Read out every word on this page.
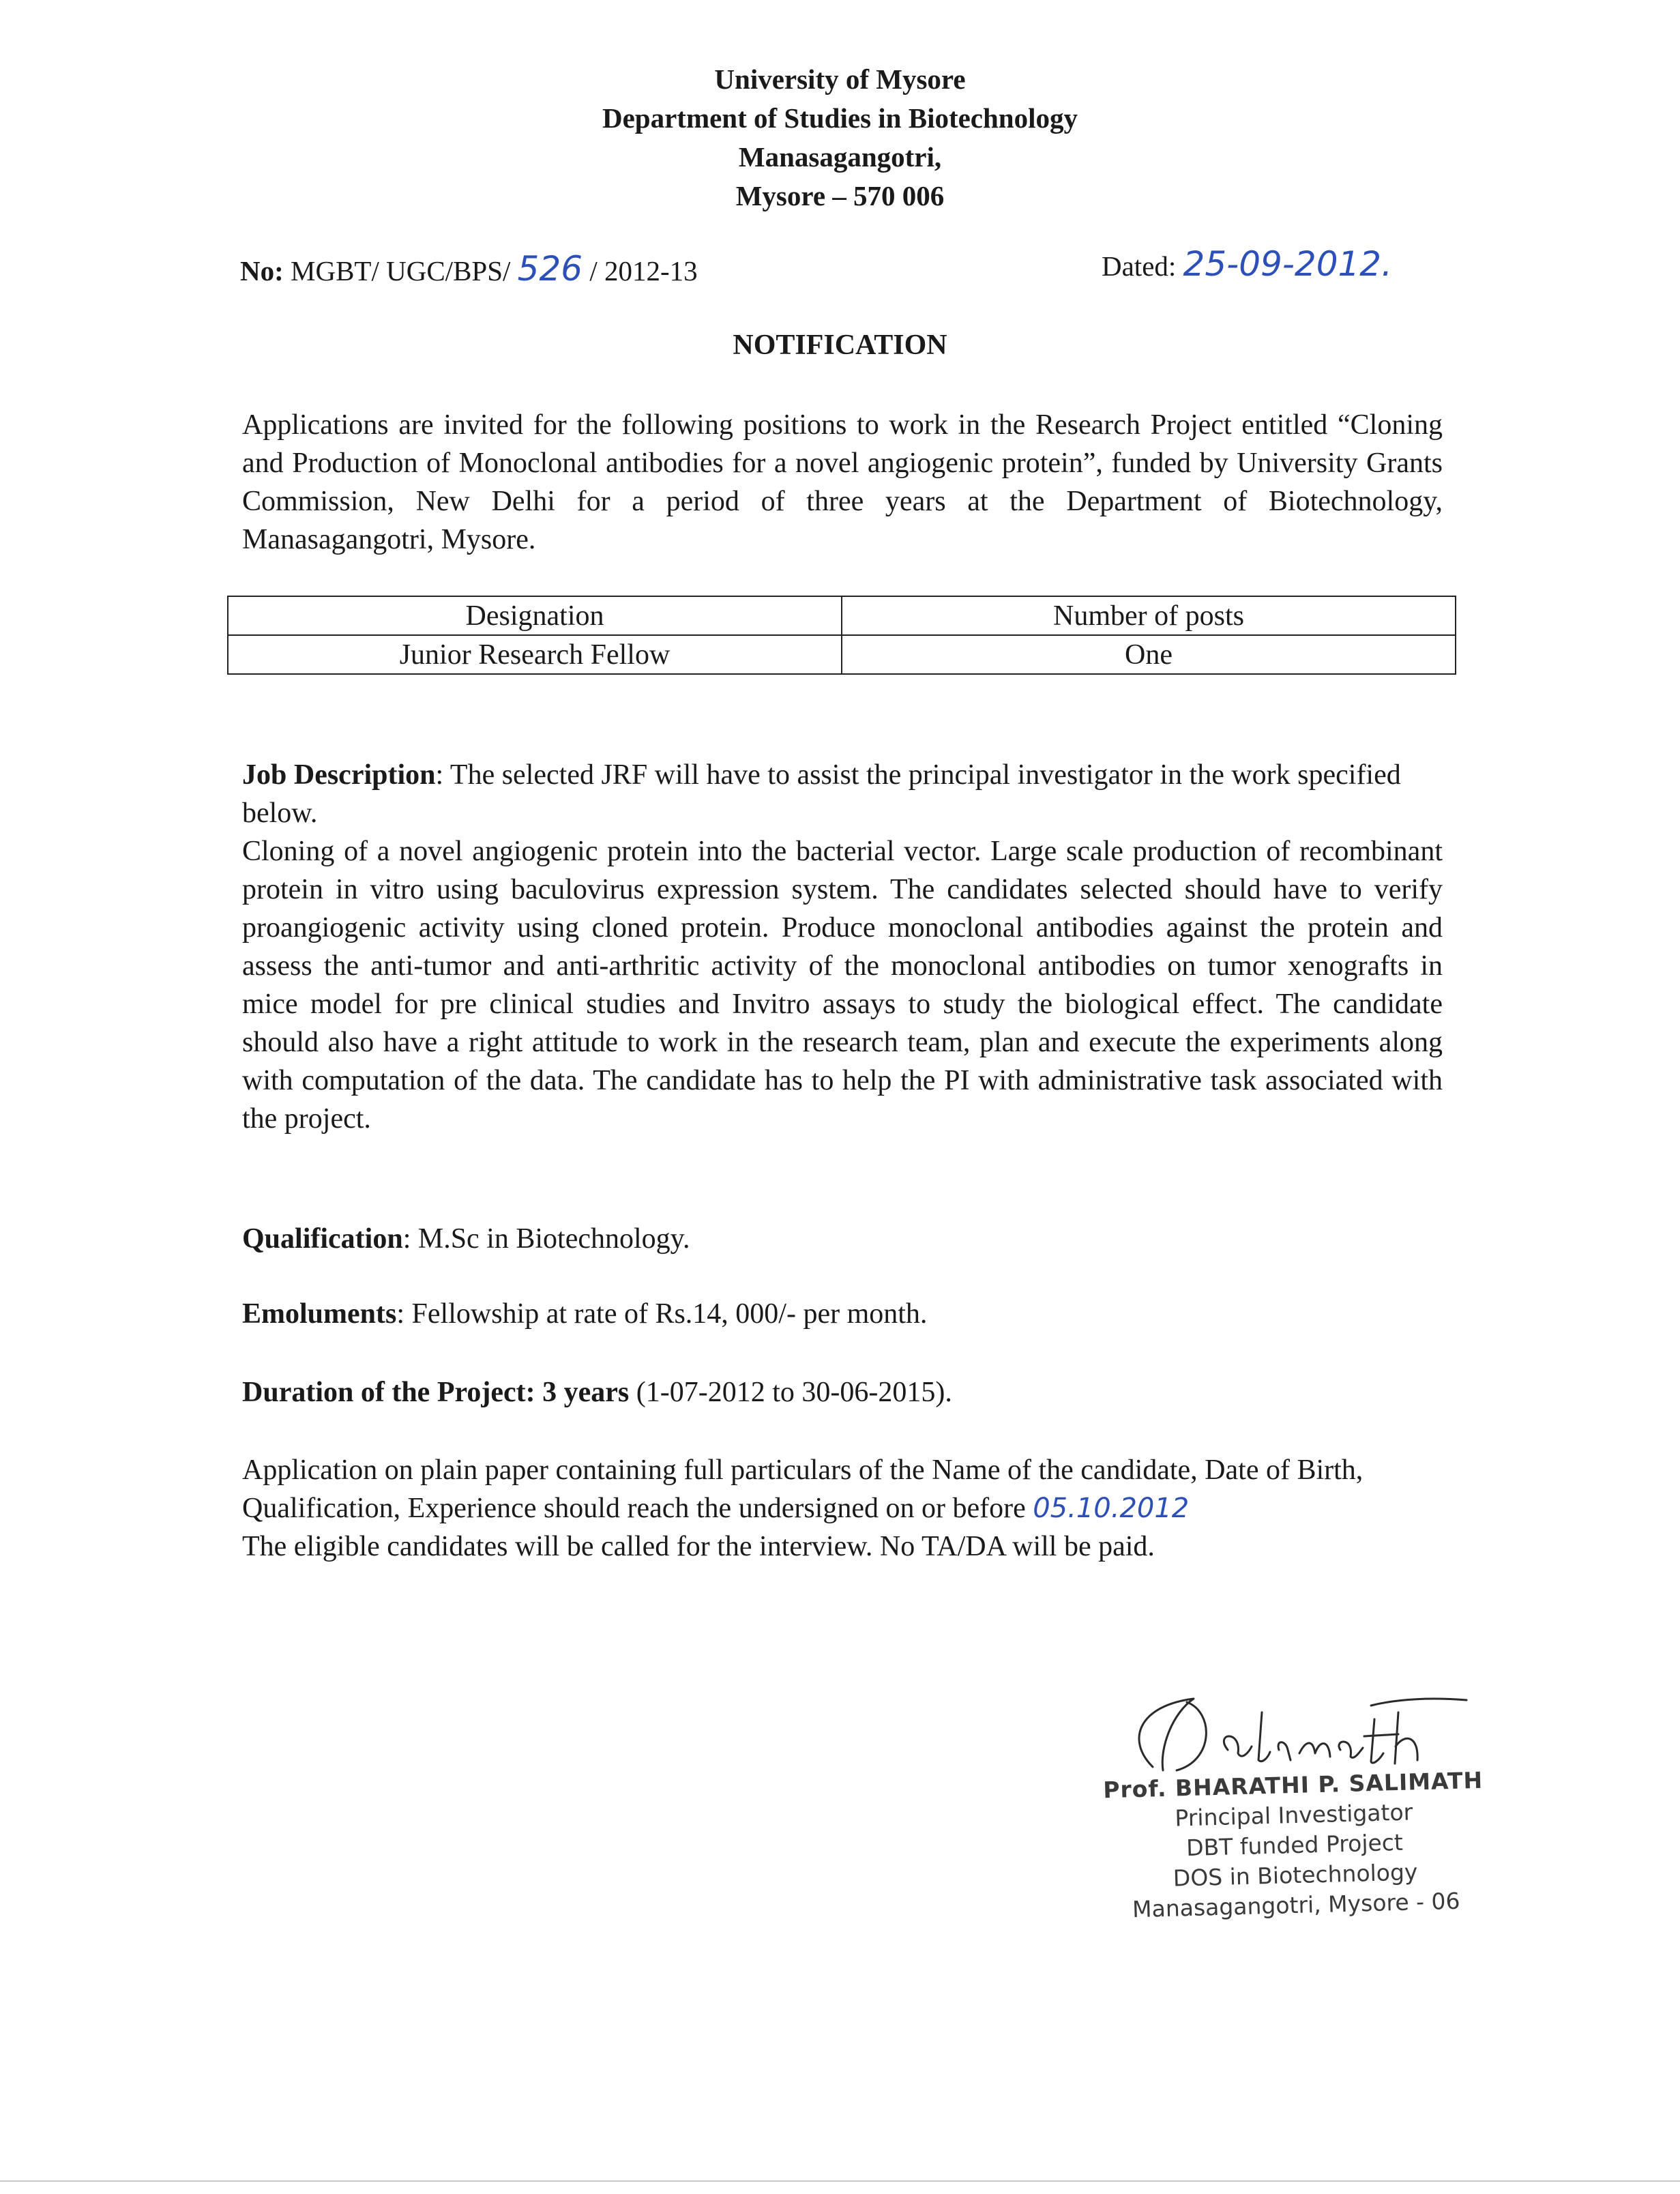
University of Mysore
Department of Studies in Biotechnology
Manasagangotri,
Mysore – 570 006
No: MGBT/ UGC/BPS/ 526 / 2012-13	Dated: 25-09-2012.
NOTIFICATION
Applications are invited for the following positions to work in the Research Project entitled “Cloning and Production of Monoclonal antibodies for a novel angiogenic protein”, funded by University Grants Commission, New Delhi for a period of three years at the Department of Biotechnology, Manasagangotri, Mysore.
Designation	Number of posts
Junior Research Fellow	One
Job Description: The selected JRF will have to assist the principal investigator in the work specified below.
Cloning of a novel angiogenic protein into the bacterial vector. Large scale production of recombinant protein in vitro using baculovirus expression system. The candidates selected should have to verify proangiogenic activity using cloned protein. Produce monoclonal antibodies against the protein and assess the anti-tumor and anti-arthritic activity of the monoclonal antibodies on tumor xenografts in mice model for pre clinical studies and Invitro assays to study the biological effect. The candidate should also have a right attitude to work in the research team, plan and execute the experiments along with computation of the data. The candidate has to help the PI with administrative task associated with the project.
Qualification: M.Sc in Biotechnology.
Emoluments: Fellowship at rate of Rs.14, 000/- per month.
Duration of the Project: 3 years (1-07-2012 to 30-06-2015).
Application on plain paper containing full particulars of the Name of the candidate, Date of Birth, Qualification, Experience should reach the undersigned on or before 05.10.2012
The eligible candidates will be called for the interview. No TA/DA will be paid.
Prof. BHARATHI P. SALIMATH
Principal Investigator
DBT funded Project
DOS in Biotechnology
Manasagangotri, Mysore - 06
